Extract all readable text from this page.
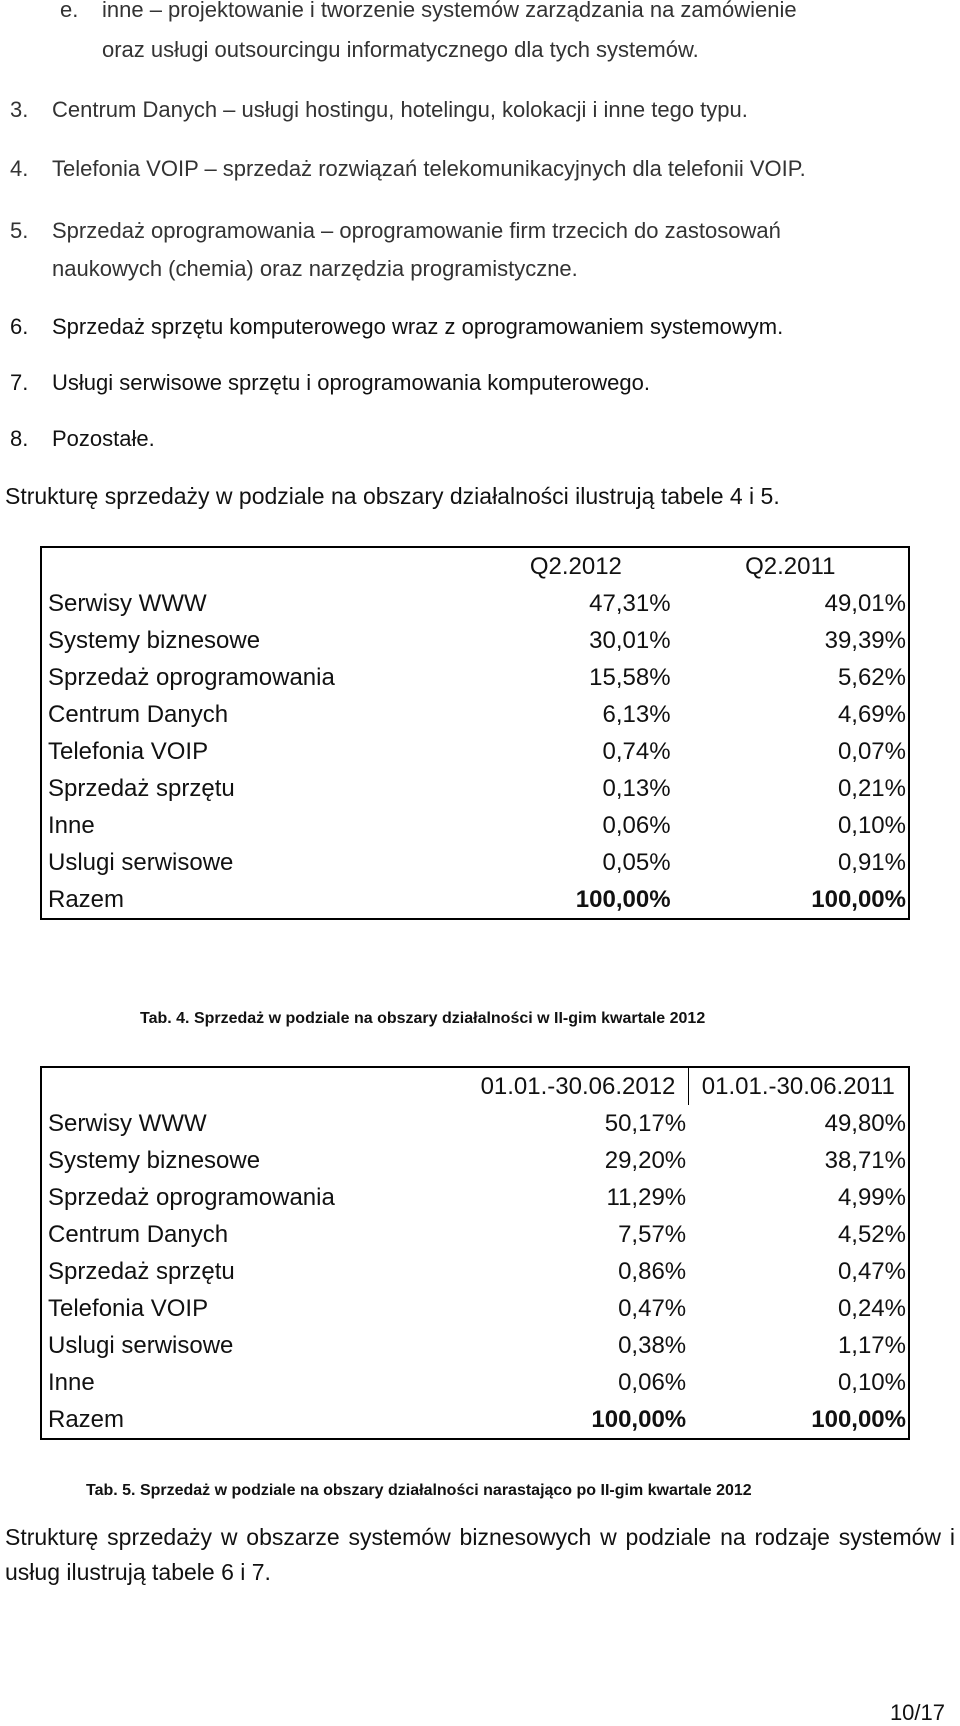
e. inne – projektowanie i tworzenie systemów zarządzania na zamówienie
oraz usługi outsourcingu informatycznego dla tych systemów.
3. Centrum Danych – usługi hostingu, hotelingu, kolokacji i inne tego typu.
4. Telefonia VOIP – sprzedaż rozwiązań telekomunikacyjnych dla telefonii VOIP.
5. Sprzedaż oprogramowania – oprogramowanie firm trzecich do zastosowań
naukowych (chemia) oraz narzędzia programistyczne.
6. Sprzedaż sprzętu komputerowego wraz z oprogramowaniem systemowym.
7. Usługi serwisowe sprzętu i oprogramowania komputerowego.
8. Pozostałe.
Strukturę sprzedaży w podziale na obszary działalności ilustrują tabele 4 i 5.
	Q2.2012	Q2.2011
Serwisy WWW	47,31%	49,01%
Systemy biznesowe	30,01%	39,39%
Sprzedaż oprogramowania	15,58%	5,62%
Centrum Danych	6,13%	4,69%
Telefonia VOIP	0,74%	0,07%
Sprzedaż sprzętu	0,13%	0,21%
Inne	0,06%	0,10%
Uslugi serwisowe	0,05%	0,91%
Razem	100,00%	100,00%
Tab. 4. Sprzedaż w podziale na obszary działalności w II-gim kwartale 2012
	01.01.-30.06.2012	01.01.-30.06.2011
Serwisy WWW	50,17%	49,80%
Systemy biznesowe	29,20%	38,71%
Sprzedaż oprogramowania	11,29%	4,99%
Centrum Danych	7,57%	4,52%
Sprzedaż sprzętu	0,86%	0,47%
Telefonia VOIP	0,47%	0,24%
Uslugi serwisowe	0,38%	1,17%
Inne	0,06%	0,10%
Razem	100,00%	100,00%
Tab. 5. Sprzedaż w podziale na obszary działalności narastająco po II-gim kwartale 2012
Strukturę sprzedaży w obszarze systemów biznesowych w podziale na rodzaje systemów i usług ilustrują tabele 6 i 7.
10/17
